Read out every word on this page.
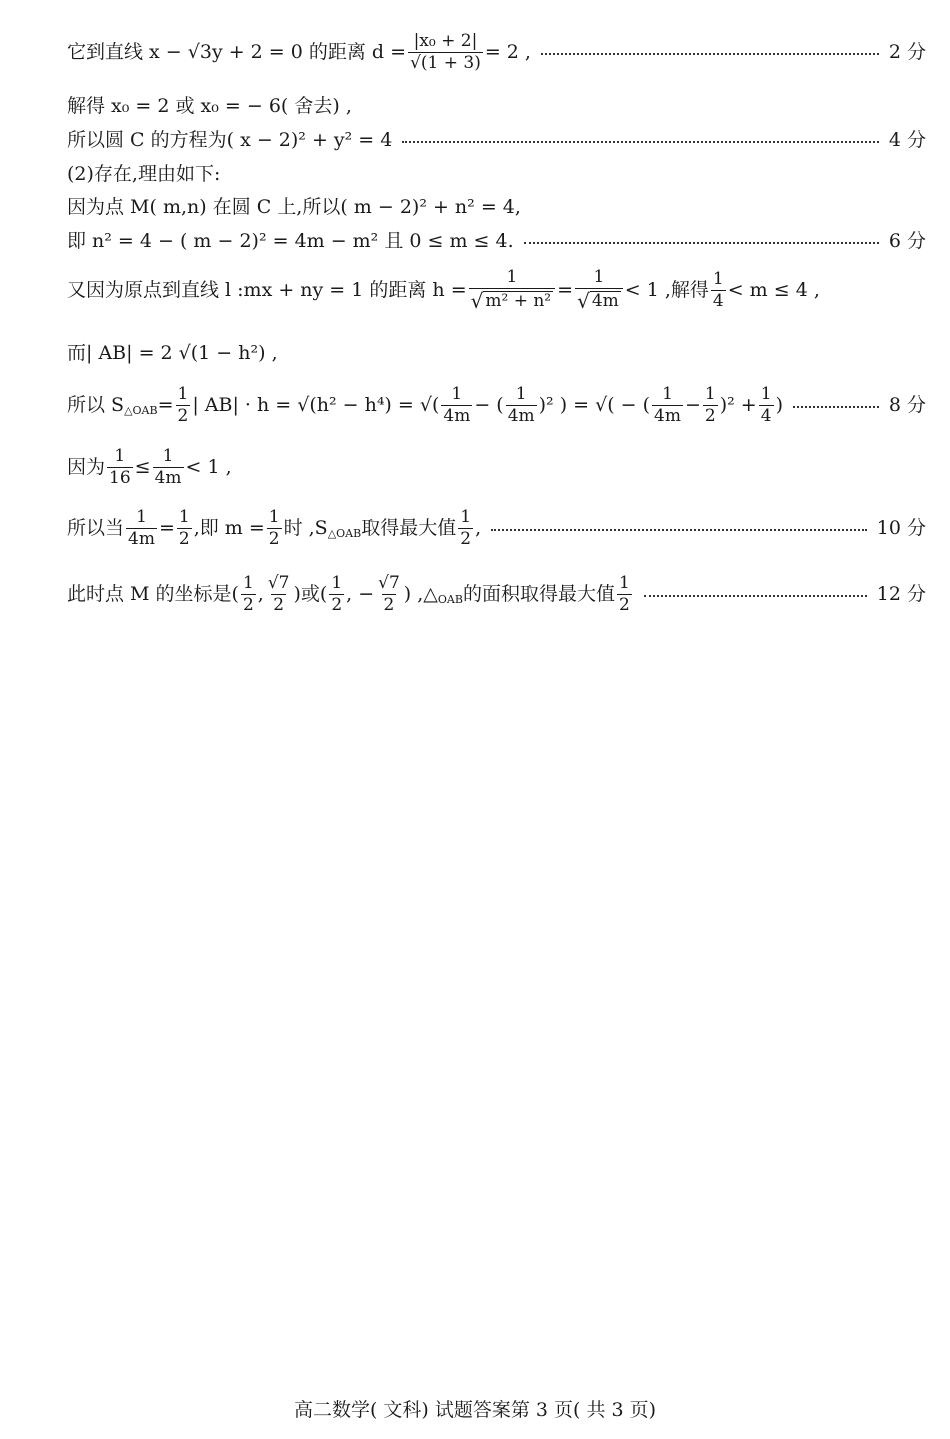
它到直线 x − √3y + 2 = 0 的距离 $d = \frac{\text{|x₀ + 2|}}{√(1 + 3)} = 2$ ,	2 分
解得 x₀ = 2 或 x₀ = − 6( 舍去) ,
所以圆 C 的方程为( x − 2)² + y² = 4	4 分
(2)存在,理由如下:
因为点 M( m,n) 在圆 C 上,所以( m − 2)² + n² = 4,
即 n² = 4 − ( m − 2)² = 4m − m² 且 0 ≤ m ≤ 4.	6 分
又因为原点到直线 l :mx + ny = 1 的距离 $h = \frac{1}{\text{√ m² + n²}} = \frac{1}{√ 4m} < 1$ ,解得 $\frac{1}{4} < m \le 4$ ,
而| AB| = 2 √(1 − h²) ,
所以 S △OAB = $\frac{1}{2}$ | AB| · h = √(h² − h⁴) = √( $\frac{1}{4m}$ − ( $\frac{1}{4m} )^2$ ) = √( − ( $\frac{1}{4m} - \frac{1}{2} )^2 + \frac{1}{4}$ )	8 分
因为 $\frac{1}{16} \le \frac{1}{4m} < 1$ ,
所以当 $\frac{1}{4m} = \frac{1}{2}$ ,即 $m = \frac{1}{2}$ 时 ,S △OAB 取得最大值 $\frac{1}{2}$ ,	10 分
此时点 M 的坐标是( $\frac{1}{2}$ , $\frac{√7}{2}$ )或( $\frac{1}{2}$ , − $\frac{√7}{2}$ ) ,△ OAB 的面积取得最大值 $\frac{1}{2}$	12 分
高二数学( 文科) 试题答案第 3 页( 共 3 页)
